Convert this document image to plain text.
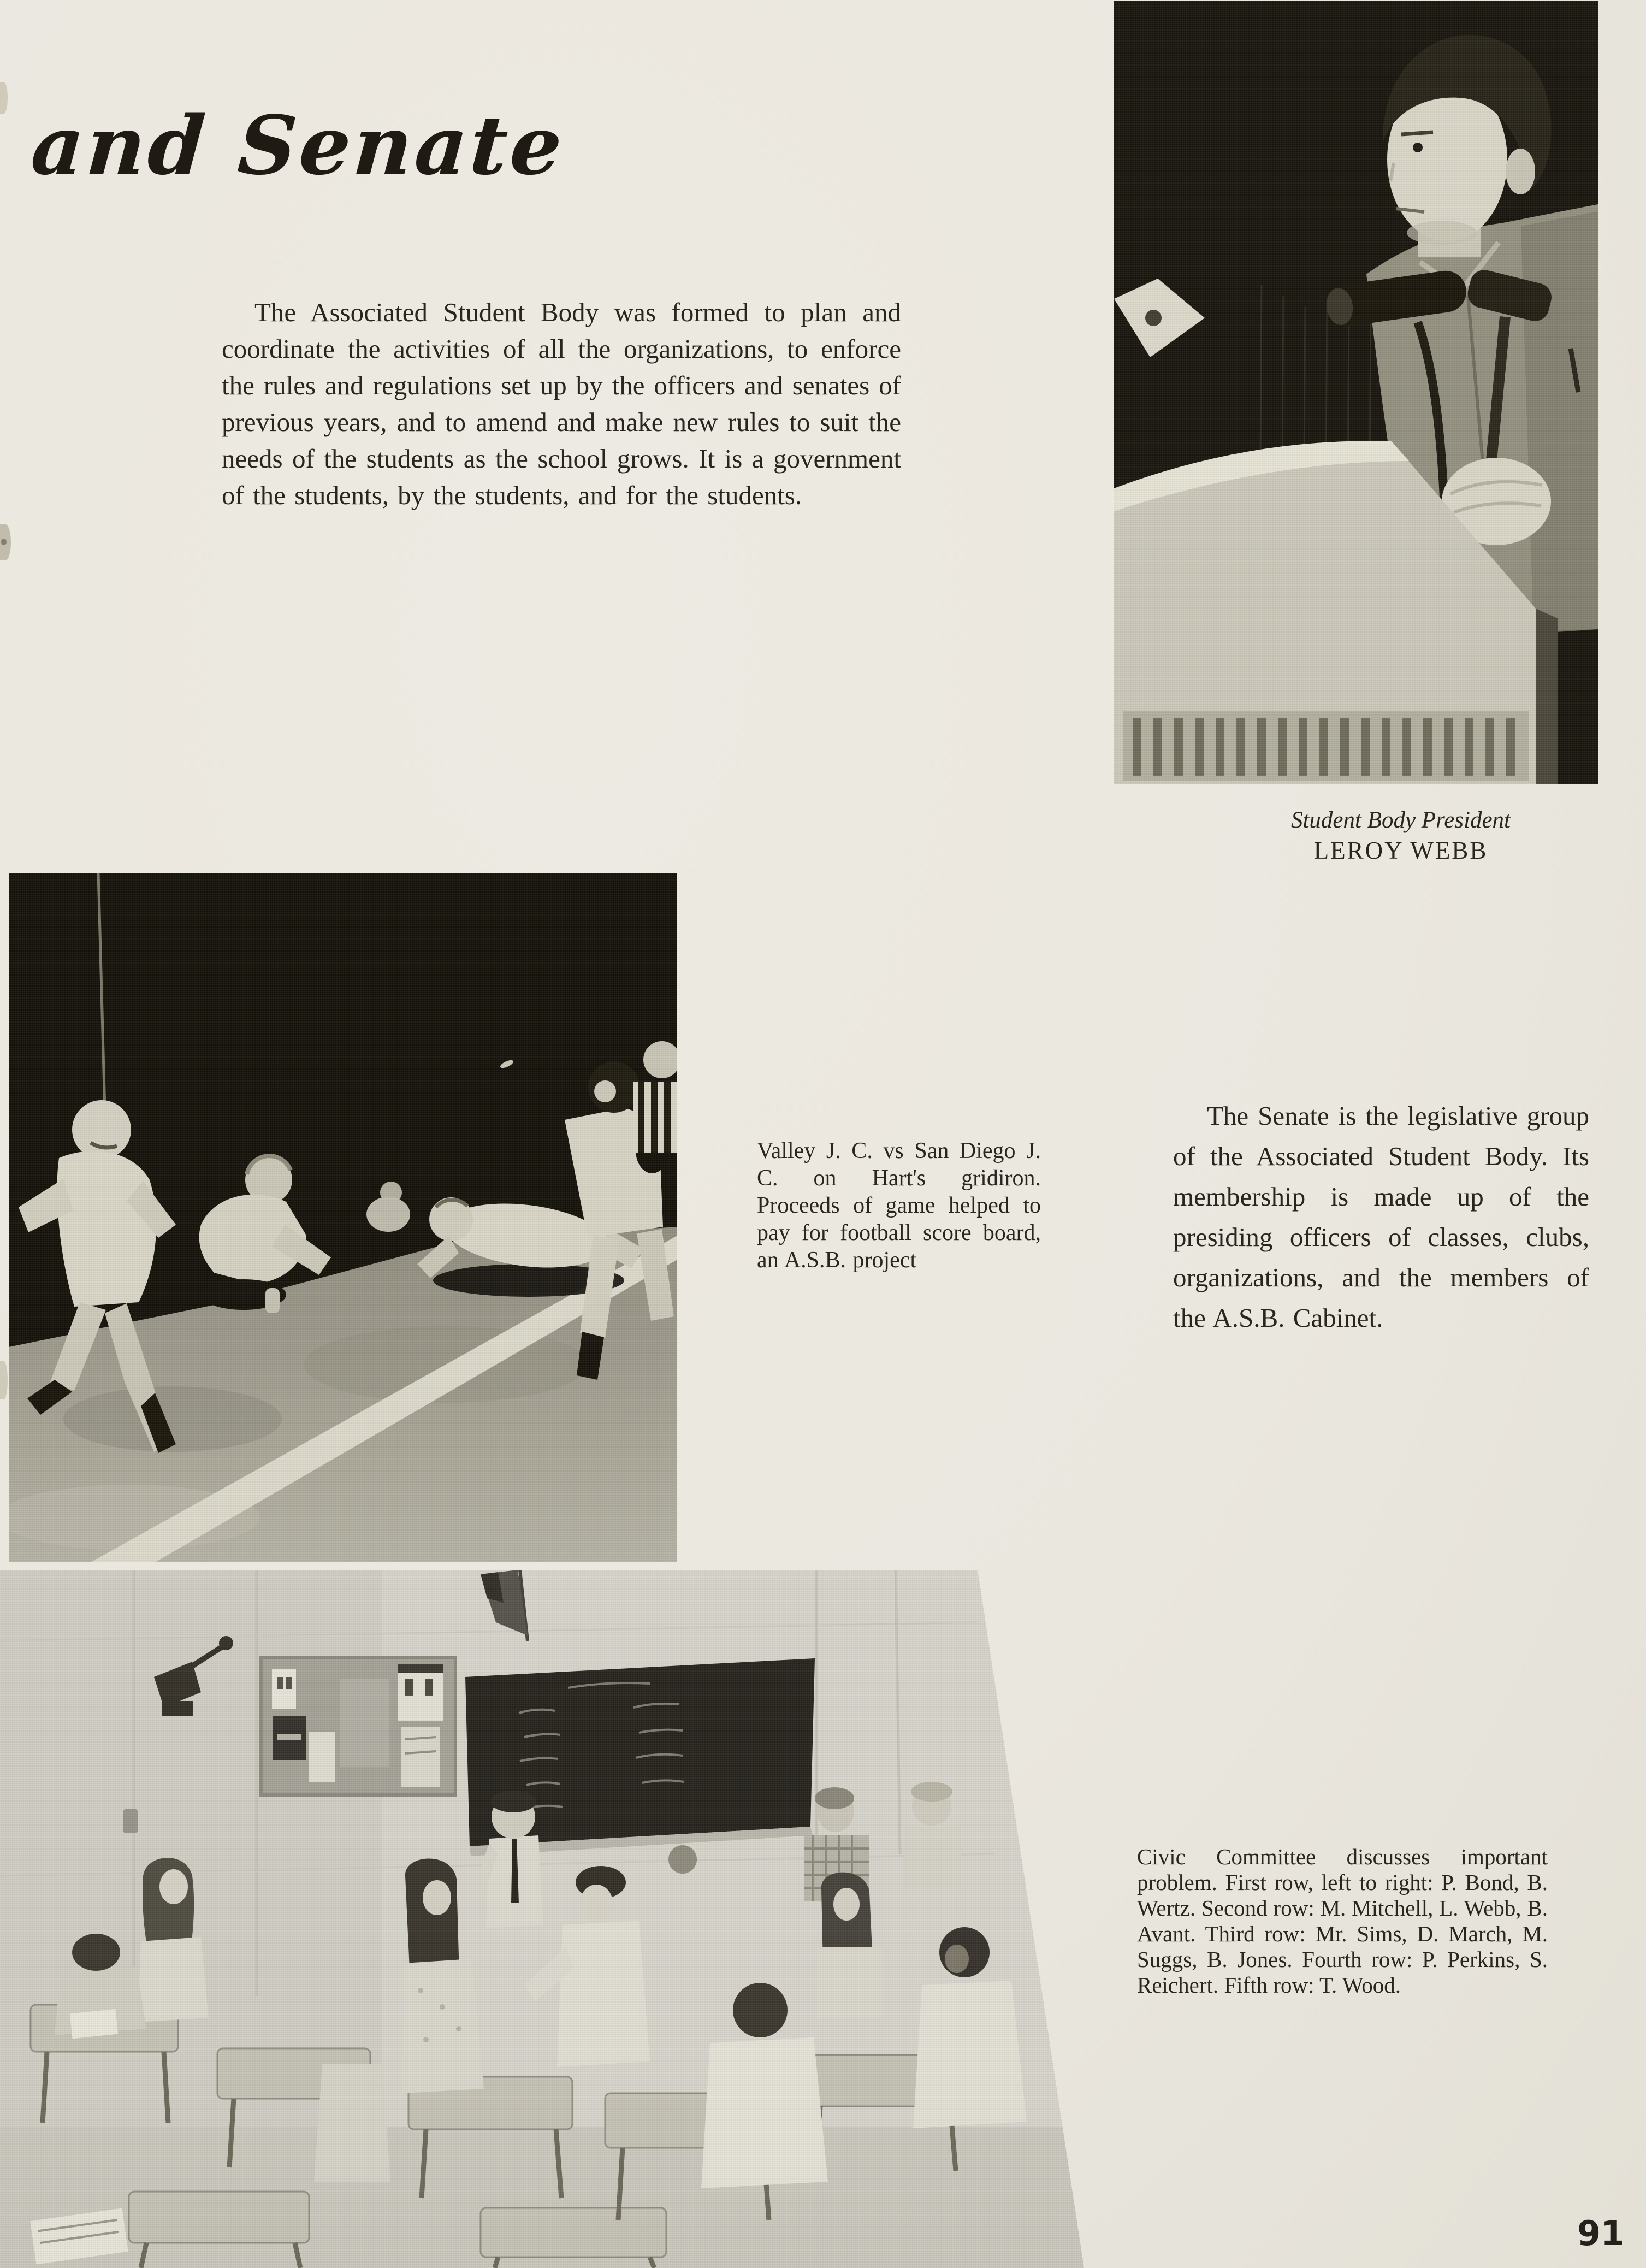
and Senate

The Associated Student Body was formed to plan and coordinate the activities of all the organizations, to enforce the rules and regulations set up by the officers and senates of previous years, and to amend and make new rules to suit the needs of the students as the school grows. It is a government of the students, by the students, and for the students.

Student Body President
LEROY WEBB

Valley J. C. vs San Diego J. C. on Hart's gridiron. Proceeds of game helped to pay for football score board, an A.S.B. project

The Senate is the legislative group of the Associated Student Body. Its membership is made up of the presiding officers of classes, clubs, organizations, and the members of the A.S.B. Cabinet.

Civic Committee discusses important problem. First row, left to right: P. Bond, B. Wertz. Second row: M. Mitchell, L. Webb, B. Avant. Third row: Mr. Sims, D. March, M. Suggs, B. Jones. Fourth row: P. Perkins, S. Reichert. Fifth row: T. Wood.

91
